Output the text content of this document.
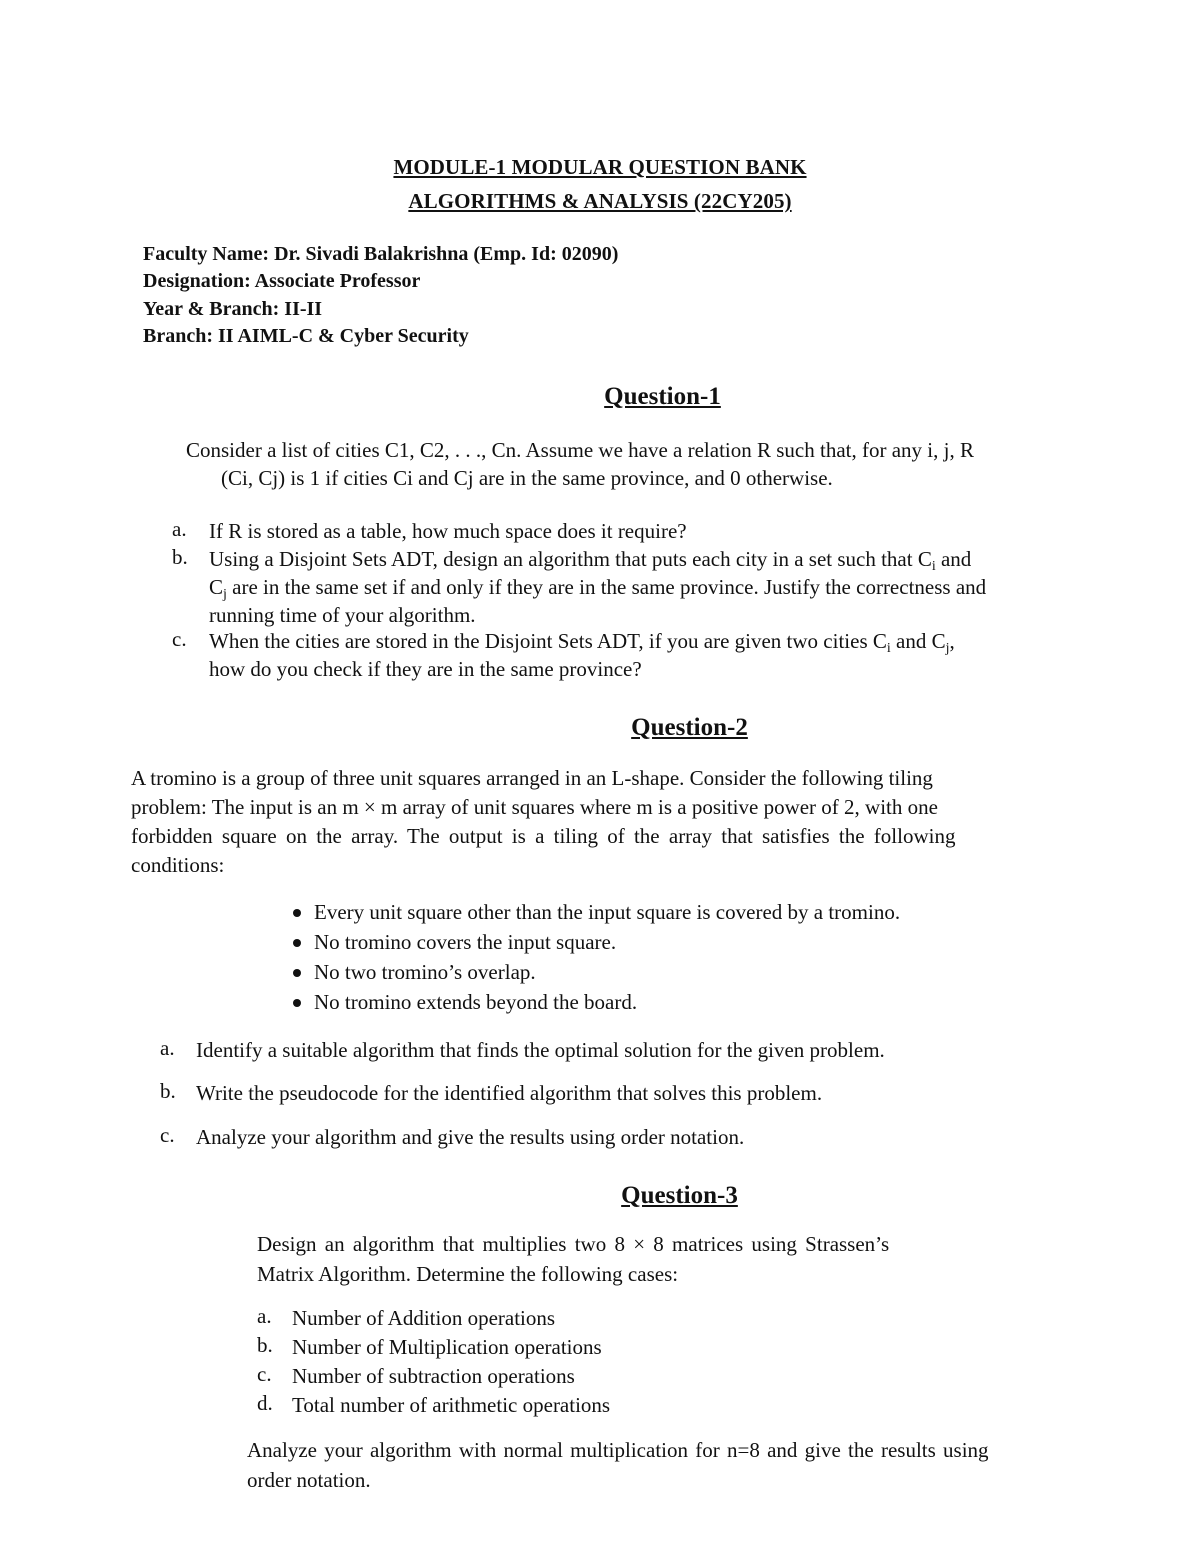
MODULE-1 MODULAR QUESTION BANK
ALGORITHMS & ANALYSIS (22CY205)
Faculty Name: Dr. Sivadi Balakrishna (Emp. Id: 02090)
Designation: Associate Professor
Year & Branch: II-II
Branch: II AIML-C & Cyber Security
Question-1
Consider a list of cities C1, C2, . . ., Cn. Assume we have a relation R such that, for any i, j, R
(Ci, Cj) is 1 if cities Ci and Cj are in the same province, and 0 otherwise.
a. If R is stored as a table, how much space does it require?
b. Using a Disjoint Sets ADT, design an algorithm that puts each city in a set such that $C_i$ and
$C_j$ are in the same set if and only if they are in the same province. Justify the correctness and
running time of your algorithm.
c. When the cities are stored in the Disjoint Sets ADT, if you are given two cities $C_i$ and $C_j$,
how do you check if they are in the same province?
Question-2
A tromino is a group of three unit squares arranged in an L-shape. Consider the following tiling
problem: The input is an m × m array of unit squares where m is a positive power of 2, with one
forbidden square on the array. The output is a tiling of the array that satisfies the following
conditions:
Every unit square other than the input square is covered by a tromino.
No tromino covers the input square.
No two tromino’s overlap.
No tromino extends beyond the board.
a. Identify a suitable algorithm that finds the optimal solution for the given problem.
b. Write the pseudocode for the identified algorithm that solves this problem.
c. Analyze your algorithm and give the results using order notation.
Question-3
Design an algorithm that multiplies two 8 × 8 matrices using Strassen’s
Matrix Algorithm. Determine the following cases:
a. Number of Addition operations
b. Number of Multiplication operations
c. Number of subtraction operations
d. Total number of arithmetic operations
Analyze your algorithm with normal multiplication for n=8 and give the results using
order notation.
